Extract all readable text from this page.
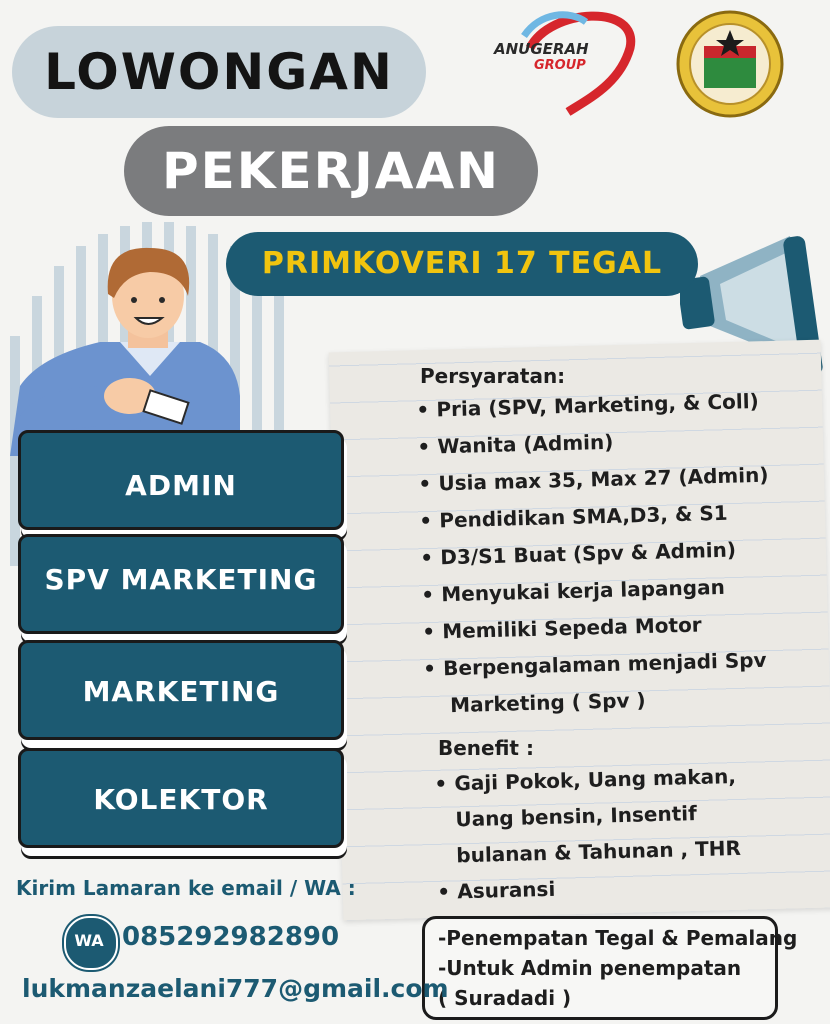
LOWONGAN
PEKERJAAN
ANUGERAH
GROUP
PRIMKOVERI 17 TEGAL
Persyaratan:
• Pria (SPV, Marketing, & Coll)
• Wanita (Admin)
• Usia max 35, Max 27 (Admin)
• Pendidikan SMA,D3, & S1
• D3/S1 Buat (Spv & Admin)
• Menyukai kerja lapangan
• Memiliki Sepeda Motor
• Berpengalaman menjadi Spv
Marketing ( Spv )
Benefit :
• Gaji Pokok, Uang makan,
Uang bensin, Insentif
bulanan & Tahunan , THR
• Asuransi
-Penempatan Tegal & Pemalang
-Untuk Admin penempatan
( Suradadi )
ADMIN
SPV MARKETING
MARKETING
KOLEKTOR
Kirim Lamaran ke email / WA :
WA 085292982890
lukmanzaelani777@gmail.com
